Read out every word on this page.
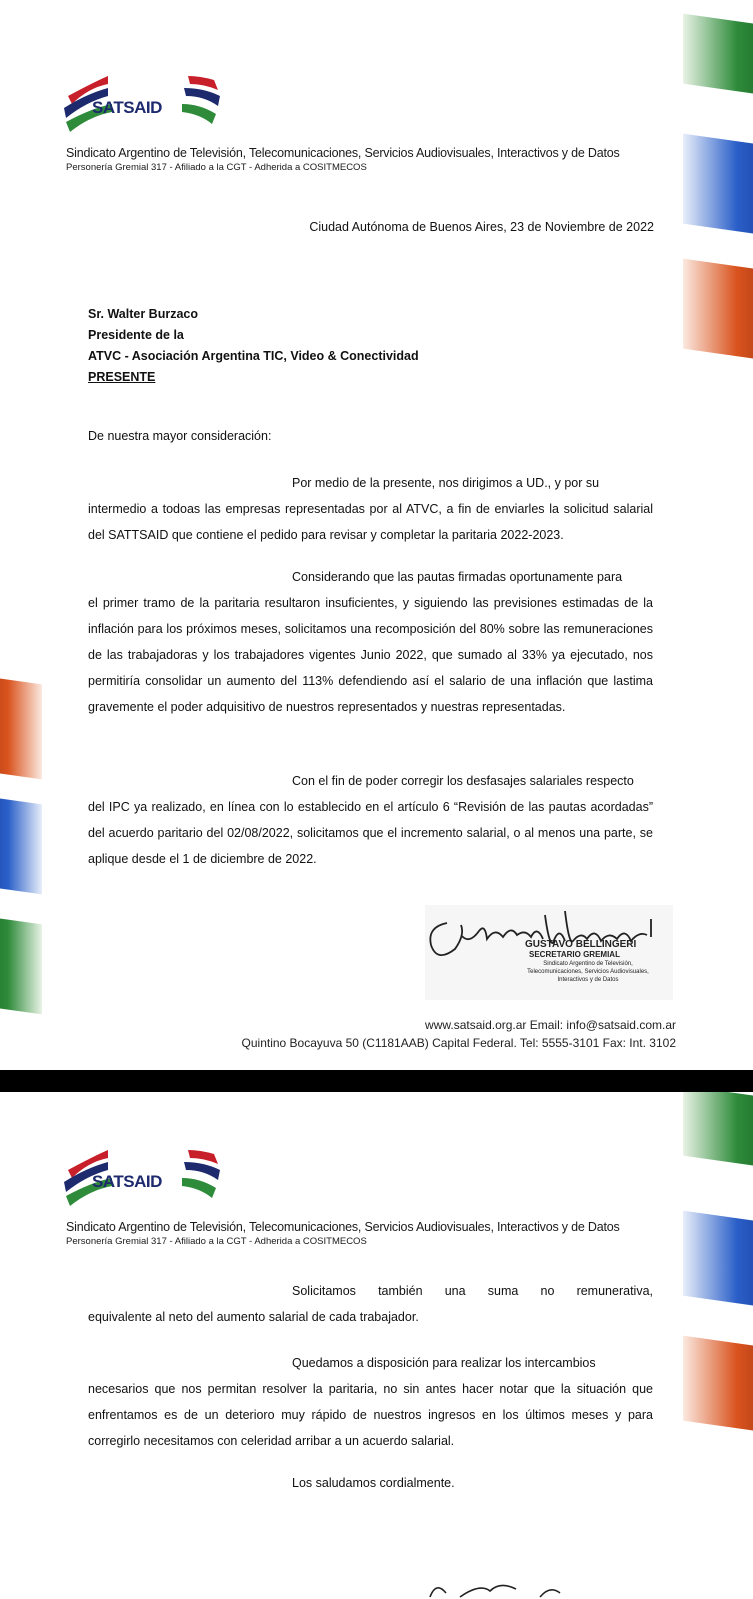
SATSAID
Sindicato Argentino de Televisión, Telecomunicaciones, Servicios Audiovisuales, Interactivos y de Datos
Personería Gremial 317 - Afiliado a la CGT - Adherida a COSITMECOS
Ciudad Autónoma de Buenos Aires, 23 de Noviembre de 2022
Sr. Walter Burzaco
Presidente de la
ATVC - Asociación Argentina TIC, Video & Conectividad
PRESENTE
De nuestra mayor consideración:
Por medio de la presente, nos dirigimos a UD., y por su
intermedio a todoas las empresas representadas por al ATVC, a fin de enviarles la solicitud salarial del SATTSAID que contiene el pedido para revisar y completar la paritaria 2022-2023.
Considerando que las pautas firmadas oportunamente para
el primer tramo de la paritaria resultaron insuficientes, y siguiendo las previsiones estimadas de la inflación para los próximos meses, solicitamos una recomposición del 80% sobre las remuneraciones de las trabajadoras y los trabajadores vigentes Junio 2022, que sumado al 33% ya ejecutado, nos permitiría consolidar un aumento del 113% defendiendo así el salario de una inflación que lastima gravemente el poder adquisitivo de nuestros representados y nuestras representadas.
Con el fin de poder corregir los desfasajes salariales respecto
del IPC ya realizado, en línea con lo establecido en el artículo 6 “Revisión de las pautas acordadas” del acuerdo paritario del 02/08/2022, solicitamos que el incremento salarial, o al menos una parte, se aplique desde el 1 de diciembre de 2022.
GUSTAVO BELLINGERI
SECRETARIO GREMIAL
Sindicato Argentino de Televisión, Telecomunicaciones, Servicios Audiovisuales, Interactivos y de Datos
www.satsaid.org.ar Email: info@satsaid.com.ar
Quintino Bocayuva 50 (C1181AAB) Capital Federal. Tel: 5555-3101 Fax: Int. 3102
SATSAID
Sindicato Argentino de Televisión, Telecomunicaciones, Servicios Audiovisuales, Interactivos y de Datos
Personería Gremial 317 - Afiliado a la CGT - Adherida a COSITMECOS
Solicitamos también una suma no remunerativa,
equivalente al neto del aumento salarial de cada trabajador.
Quedamos a disposición para realizar los intercambios
necesarios que nos permitan resolver la paritaria, no sin antes hacer notar que la situación que enfrentamos es de un deterioro muy rápido de nuestros ingresos en los últimos meses y para corregirlo necesitamos con celeridad arribar a un acuerdo salarial.
Los saludamos cordialmente.
